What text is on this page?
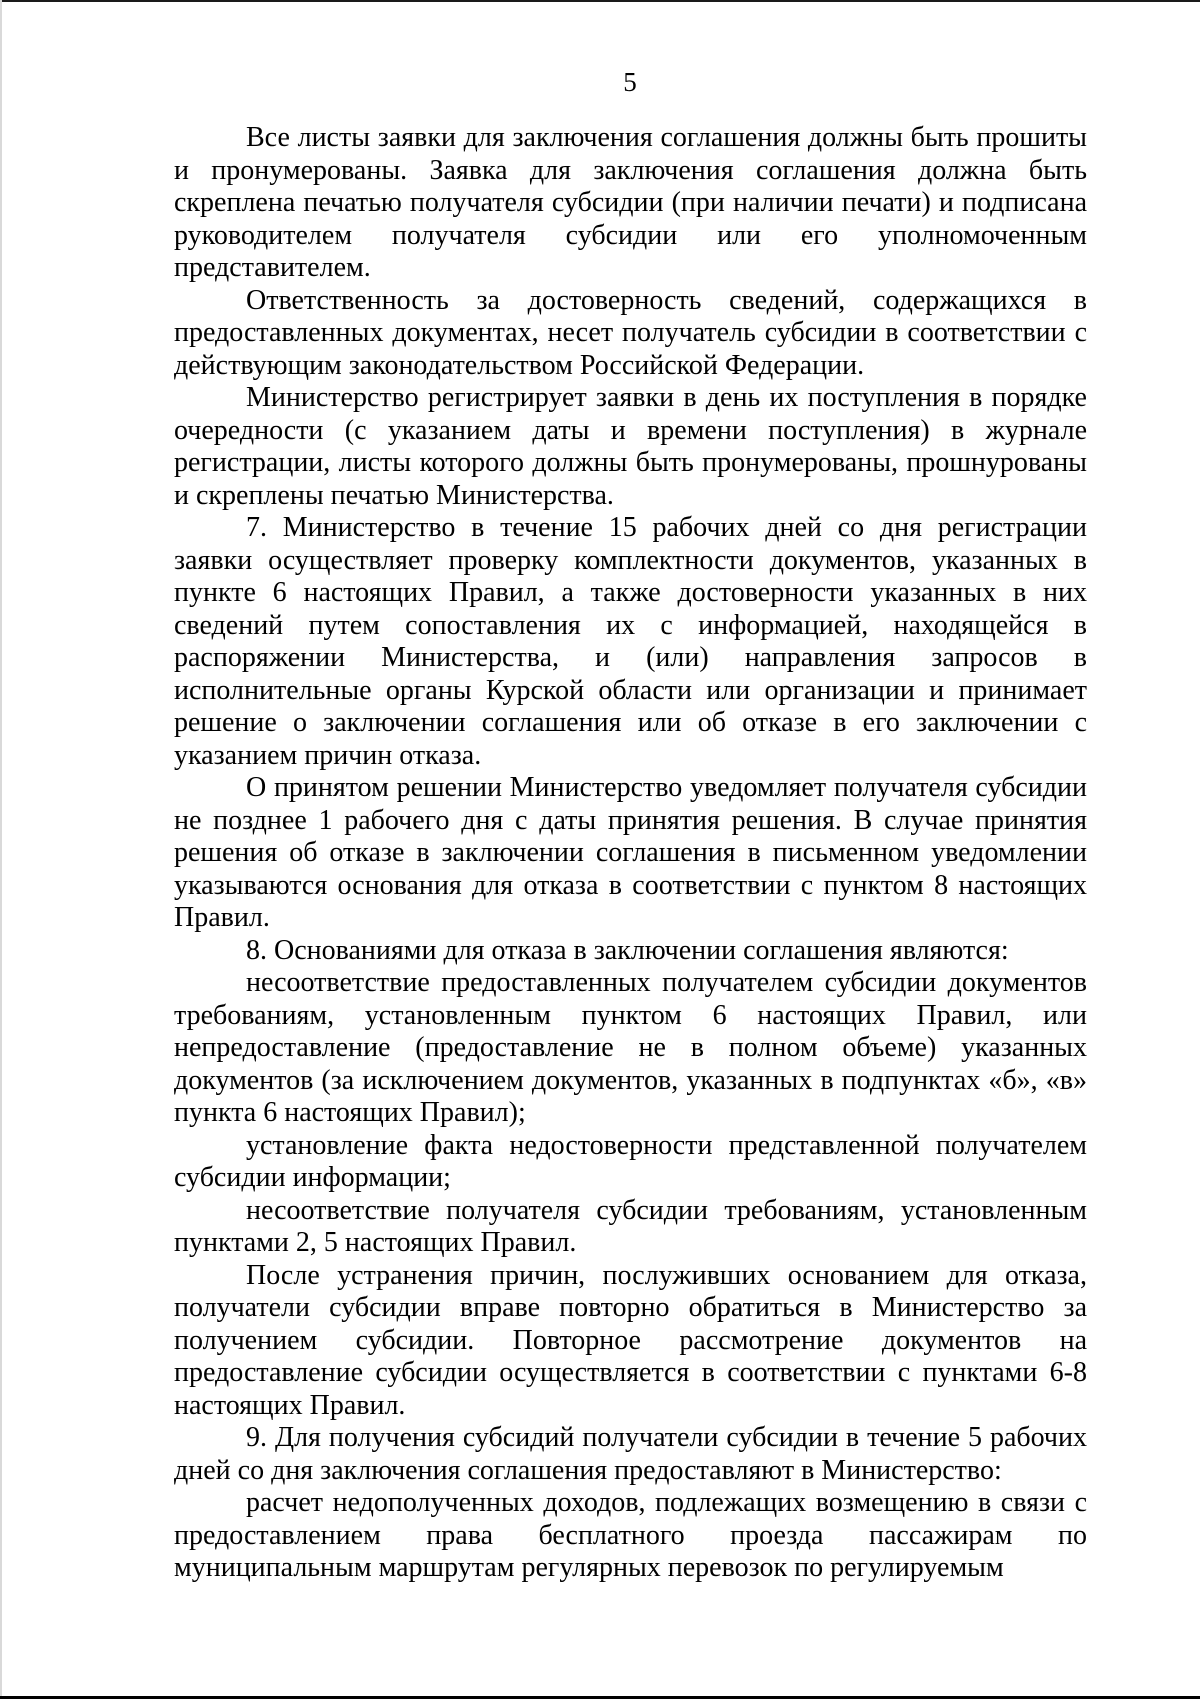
5

Все листы заявки для заключения соглашения должны быть прошиты и пронумерованы. Заявка для заключения соглашения должна быть скреплена печатью получателя субсидии (при наличии печати) и подписана руководителем получателя субсидии или его уполномоченным представителем.

Ответственность за достоверность сведений, содержащихся в предоставленных документах, несет получатель субсидии в соответствии с действующим законодательством Российской Федерации.

Министерство регистрирует заявки в день их поступления в порядке очередности (с указанием даты и времени поступления) в журнале регистрации, листы которого должны быть пронумерованы, прошнурованы и скреплены печатью Министерства.

7. Министерство в течение 15 рабочих дней со дня регистрации заявки осуществляет проверку комплектности документов, указанных в пункте 6 настоящих Правил, а также достоверности указанных в них сведений путем сопоставления их с информацией, находящейся в распоряжении Министерства, и (или) направления запросов в исполнительные органы Курской области или организации и принимает решение о заключении соглашения или об отказе в его заключении с указанием причин отказа.

О принятом решении Министерство уведомляет получателя субсидии не позднее 1 рабочего дня с даты принятия решения. В случае принятия решения об отказе в заключении соглашения в письменном уведомлении указываются основания для отказа в соответствии с пунктом 8 настоящих Правил.

8. Основаниями для отказа в заключении соглашения являются:

несоответствие предоставленных получателем субсидии документов требованиям, установленным пунктом 6 настоящих Правил, или непредоставление (предоставление не в полном объеме) указанных документов (за исключением документов, указанных в подпунктах «б», «в» пункта 6 настоящих Правил);

установление факта недостоверности представленной получателем субсидии информации;

несоответствие получателя субсидии требованиям, установленным пунктами 2, 5 настоящих Правил.

После устранения причин, послуживших основанием для отказа, получатели субсидии вправе повторно обратиться в Министерство за получением субсидии. Повторное рассмотрение документов на предоставление субсидии осуществляется в соответствии с пунктами 6-8 настоящих Правил.

9. Для получения субсидий получатели субсидии в течение 5 рабочих дней со дня заключения соглашения предоставляют в Министерство:

расчет недополученных доходов, подлежащих возмещению в связи с предоставлением права бесплатного проезда пассажирам по муниципальным маршрутам регулярных перевозок по регулируемым
